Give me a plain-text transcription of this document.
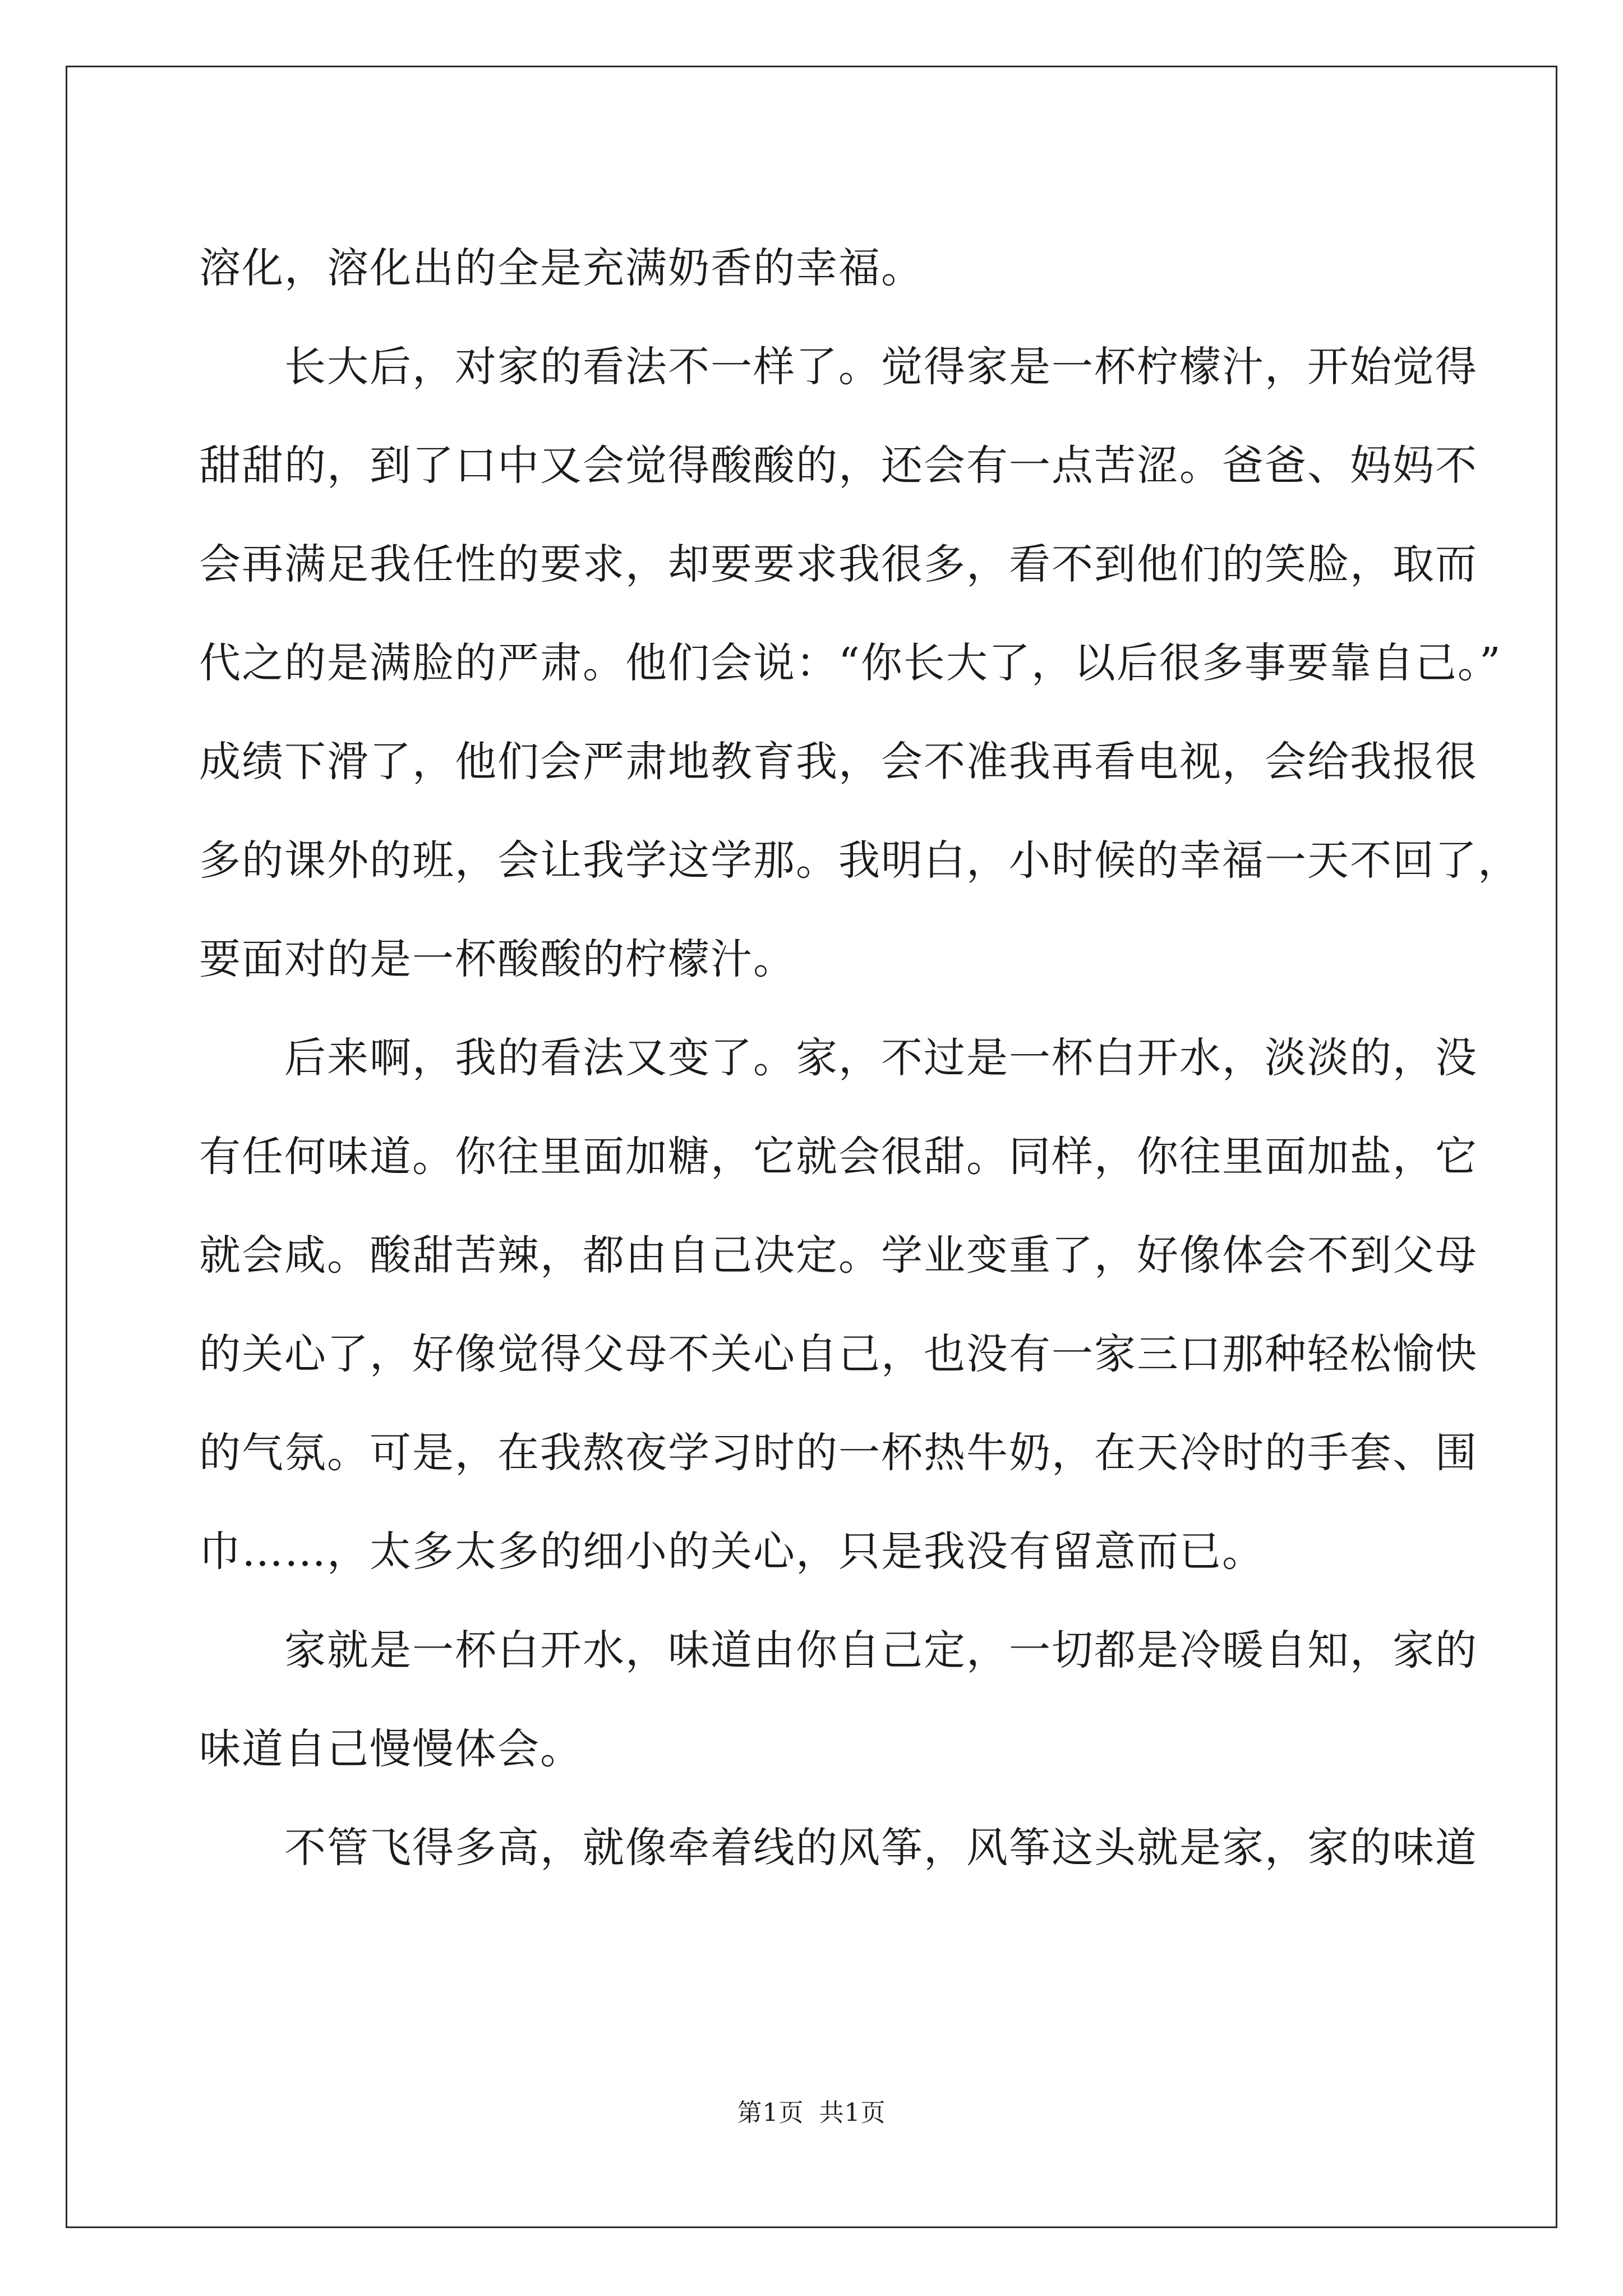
溶化，溶化出的全是充满奶香的幸福。
　　长大后，对家的看法不一样了。觉得家是一杯柠檬汁，开始觉得
甜甜的，到了口中又会觉得酸酸的，还会有一点苦涩。爸爸、妈妈不
会再满足我任性的要求，却要要求我很多，看不到他们的笑脸，取而
代之的是满脸的严肃。他们会说：“你长大了，以后很多事要靠自己。”
成绩下滑了，他们会严肃地教育我，会不准我再看电视，会给我报很
多的课外的班，会让我学这学那。我明白，小时候的幸福一天不回了，
要面对的是一杯酸酸的柠檬汁。
　　后来啊，我的看法又变了。家，不过是一杯白开水，淡淡的，没
有任何味道。你往里面加糖，它就会很甜。同样，你往里面加盐，它
就会咸。酸甜苦辣，都由自己决定。学业变重了，好像体会不到父母
的关心了，好像觉得父母不关心自己，也没有一家三口那种轻松愉快
的气氛。可是，在我熬夜学习时的一杯热牛奶，在天冷时的手套、围
巾……，太多太多的细小的关心，只是我没有留意而已。
　　家就是一杯白开水，味道由你自己定，一切都是冷暖自知，家的
味道自己慢慢体会。
　　不管飞得多高，就像牵着线的风筝，风筝这头就是家，家的味道
第1页 共1页
